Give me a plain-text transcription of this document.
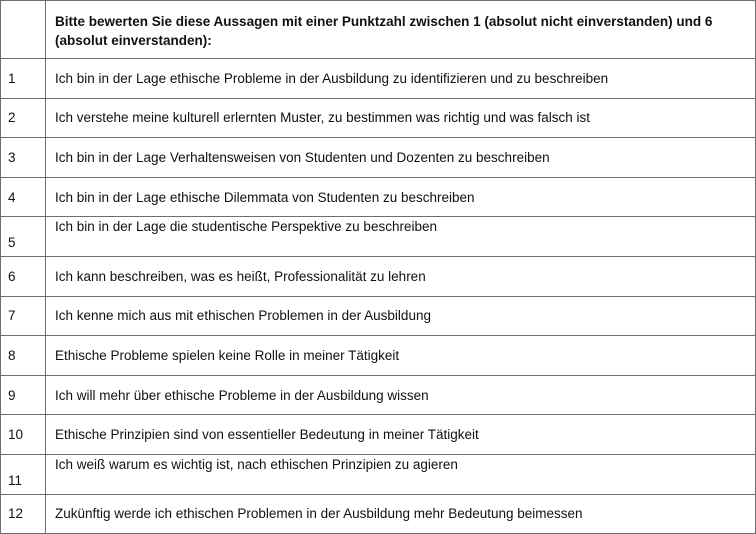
	Bitte bewerten Sie diese Aussagen mit einer Punktzahl zwischen 1 (absolut nicht einverstanden) und 6 (absolut einverstanden):
1	Ich bin in der Lage ethische Probleme in der Ausbildung zu identifizieren und zu beschreiben
2	Ich verstehe meine kulturell erlernten Muster, zu bestimmen was richtig und was falsch ist
3	Ich bin in der Lage Verhaltensweisen von Studenten und Dozenten zu beschreiben
4	Ich bin in der Lage ethische Dilemmata von Studenten zu beschreiben
5	Ich bin in der Lage die studentische Perspektive zu beschreiben
6	Ich kann beschreiben, was es heißt, Professionalität zu lehren
7	Ich kenne mich aus mit ethischen Problemen in der Ausbildung
8	Ethische Probleme spielen keine Rolle in meiner Tätigkeit
9	Ich will mehr über ethische Probleme in der Ausbildung wissen
10	Ethische Prinzipien sind von essentieller Bedeutung in meiner Tätigkeit
11	Ich weiß warum es wichtig ist, nach ethischen Prinzipien zu agieren
12	Zukünftig werde ich ethischen Problemen in der Ausbildung mehr Bedeutung beimessen
